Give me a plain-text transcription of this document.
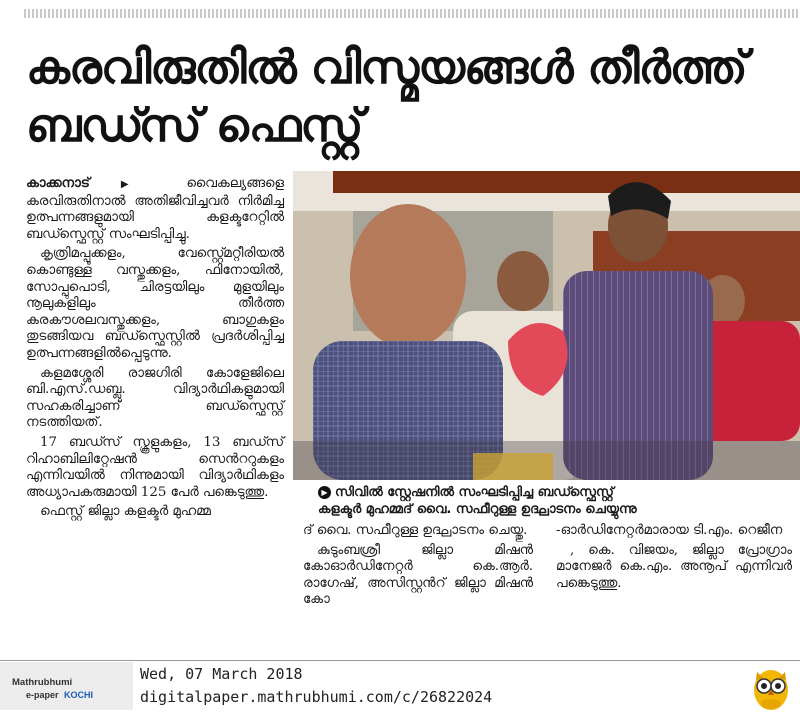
കരവിരുതിൽ വിസ്മയങ്ങൾ തീർത്ത്
ബഡ്സ് ഫെസ്റ്റ്

കാക്കനാട്	▶ വൈകല്യങ്ങളെ കരവിരുതിനാൽ അതിജീവിച്ചവർ നിർമിച്ച ഉത്പന്നങ്ങളുമായി കളക്ടറേറ്റിൽ ബഡ്സ്ഫെസ്റ്റ് സംഘടിപ്പിച്ചു.

കൃത്രിമപ്പൂക്കളം, വേസ്റ്റ്മെറ്റീരിയൽ കൊണ്ടുള്ള വസ്തുക്കളം, ഫിനോയിൽ, സോപ്പുപൊടി, ചിരട്ടയിലും മുളയിലും നൂലുകളിലും തീർത്ത കരകൗശലവസ്തുക്കളം, ബാഗുകളം തുടങ്ങിയവ ബഡ്സ്ഫെസ്റ്റിൽ പ്രദർശിപ്പിച്ച ഉത്പന്നങ്ങളിൽപ്പെടുന്നു.

കളമശ്ശേരി രാജഗിരി കോളേജിലെ ബി.എസ്.ഡബ്ലു. വിദ്യാർഥികളുമായി സഹകരിച്ചാണ് ബഡ്സ്ഫെസ്റ്റ് നടത്തിയത്.

17 ബഡ്സ് സ്കൂളുകളം, 13 ബഡ്സ് റിഹാബിലിറ്റേഷൻ സെൻററുകളം എന്നിവയിൽ നിന്നുമായി വിദ്യാർഥികളം അധ്യാപകരുമായി 125 പേർ പങ്കെടുത്തു.

ഫെസ്റ്റ് ജില്ലാ കളക്ടർ മുഹമ്മ

▶ സിവിൽ സ്റ്റേഷനിൽ സംഘടിപ്പിച്ച ബഡ്സ്ഫെസ്റ്റ്
കളക്ടർ മുഹമ്മദ് വൈ. സഫീറുള്ള ഉദ്ഘാടനം ചെയ്യുന്നു

ദ് വൈ. സഫീറുള്ള ഉദ്ഘാടനം ചെയ്തു.

കുടുംബശ്രീ ജില്ലാ മിഷൻ കോഓർഡിനേറ്റർ കെ.ആർ. രാഗേഷ്, അസിസ്റ്റൻറ് ജില്ലാ മിഷൻ കോ

-ഓർഡിനേറ്റർമാരായ ടി.എം. റെജീന

, കെ. വിജയം, ജില്ലാ പ്രോഗ്രാം മാനേജർ കെ.എം. അനൂപ് എന്നിവർ പങ്കെടുത്തു.

Mathrubhumi
e-paper KOCHI
Wed, 07 March 2018
digitalpaper.mathrubhumi.com/c/26822024
